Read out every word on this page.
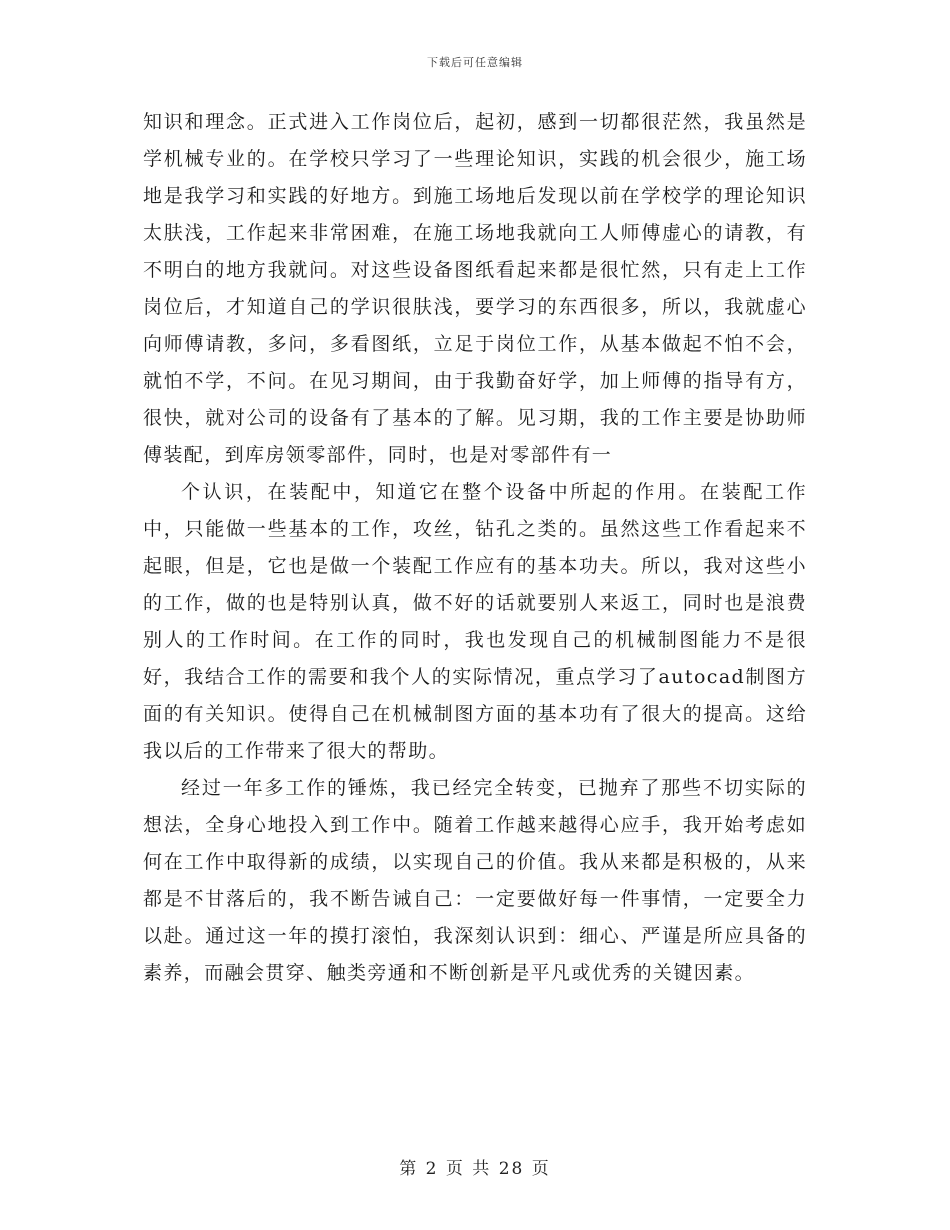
下载后可任意编辑

知识和理念。正式进入工作岗位后，起初，感到一切都很茫然，我虽然是学机械专业的。在学校只学习了一些理论知识，实践的机会很少，施工场地是我学习和实践的好地方。到施工场地后发现以前在学校学的理论知识太肤浅，工作起来非常困难，在施工场地我就向工人师傅虚心的请教，有不明白的地方我就问。对这些设备图纸看起来都是很忙然，只有走上工作岗位后，才知道自己的学识很肤浅，要学习的东西很多，所以，我就虚心向师傅请教，多问，多看图纸，立足于岗位工作，从基本做起不怕不会，就怕不学，不问。在见习期间，由于我勤奋好学，加上师傅的指导有方，很快，就对公司的设备有了基本的了解。见习期，我的工作主要是协助师傅装配，到库房领零部件，同时，也是对零部件有一

个认识，在装配中，知道它在整个设备中所起的作用。在装配工作中，只能做一些基本的工作，攻丝，钻孔之类的。虽然这些工作看起来不起眼，但是，它也是做一个装配工作应有的基本功夫。所以，我对这些小的工作，做的也是特别认真，做不好的话就要别人来返工，同时也是浪费别人的工作时间。在工作的同时，我也发现自己的机械制图能力不是很好，我结合工作的需要和我个人的实际情况，重点学习了autocad制图方面的有关知识。使得自己在机械制图方面的基本功有了很大的提高。这给我以后的工作带来了很大的帮助。

经过一年多工作的锤炼，我已经完全转变，已抛弃了那些不切实际的想法，全身心地投入到工作中。随着工作越来越得心应手，我开始考虑如何在工作中取得新的成绩，以实现自己的价值。我从来都是积极的，从来都是不甘落后的，我不断告诫自己：一定要做好每一件事情，一定要全力以赴。通过这一年的摸打滚怕，我深刻认识到：细心、严谨是所应具备的素养，而融会贯穿、触类旁通和不断创新是平凡或优秀的关键因素。

第 2 页 共 28 页
